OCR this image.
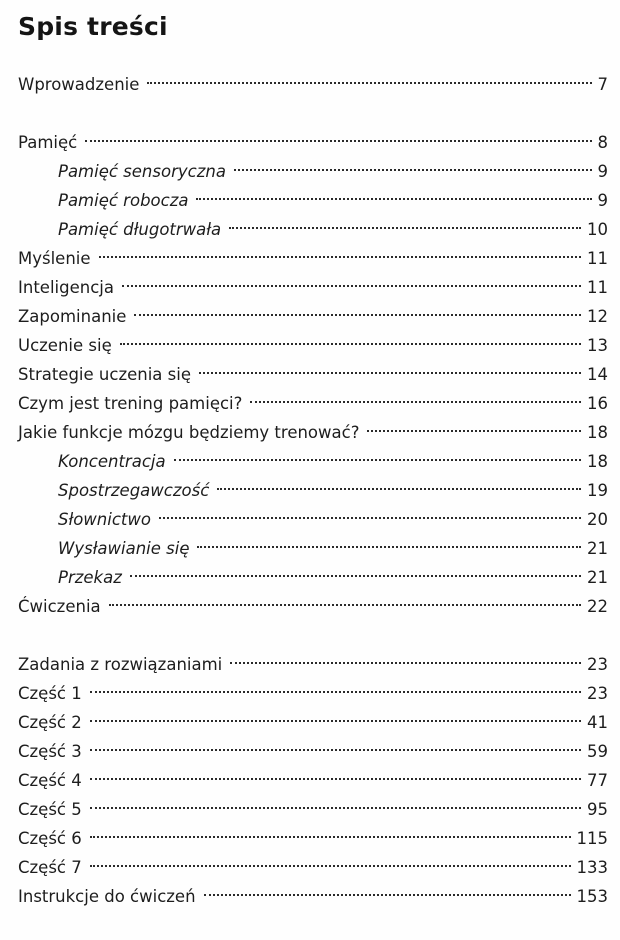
Spis treści
Wprowadzenie	7
Pamięć	8
Pamięć sensoryczna	9
Pamięć robocza	9
Pamięć długotrwała	10
Myślenie	11
Inteligencja	11
Zapominanie	12
Uczenie się	13
Strategie uczenia się	14
Czym jest trening pamięci?	16
Jakie funkcje mózgu będziemy trenować?	18
Koncentracja	18
Spostrzegawczość	19
Słownictwo	20
Wysławianie się	21
Przekaz	21
Ćwiczenia	22
Zadania z rozwiązaniami	23
Część 1	23
Część 2	41
Część 3	59
Część 4	77
Część 5	95
Część 6	115
Część 7	133
Instrukcje do ćwiczeń	153
